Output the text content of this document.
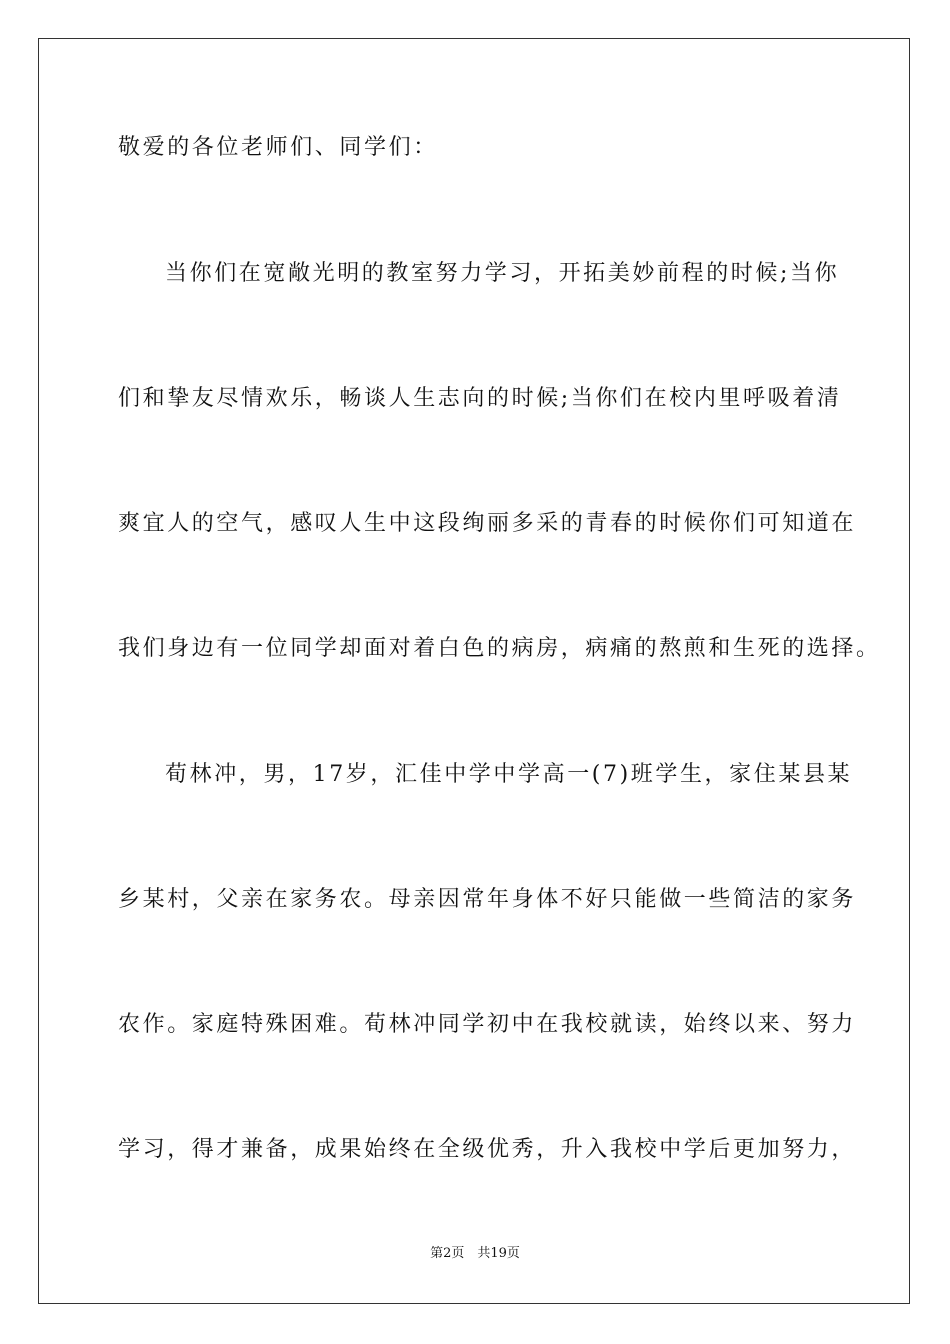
敬爱的各位老师们、同学们：
当你们在宽敞光明的教室努力学习，开拓美妙前程的时候;当你
们和挚友尽情欢乐，畅谈人生志向的时候;当你们在校内里呼吸着清
爽宜人的空气，感叹人生中这段绚丽多采的青春的时候你们可知道在
我们身边有一位同学却面对着白色的病房，病痛的熬煎和生死的选择。
荀林冲，男，17岁，汇佳中学中学高一(7)班学生，家住某县某
乡某村，父亲在家务农。母亲因常年身体不好只能做一些简洁的家务
农作。家庭特殊困难。荀林冲同学初中在我校就读，始终以来、努力
学习，得才兼备，成果始终在全级优秀，升入我校中学后更加努力，
第2页　共19页
